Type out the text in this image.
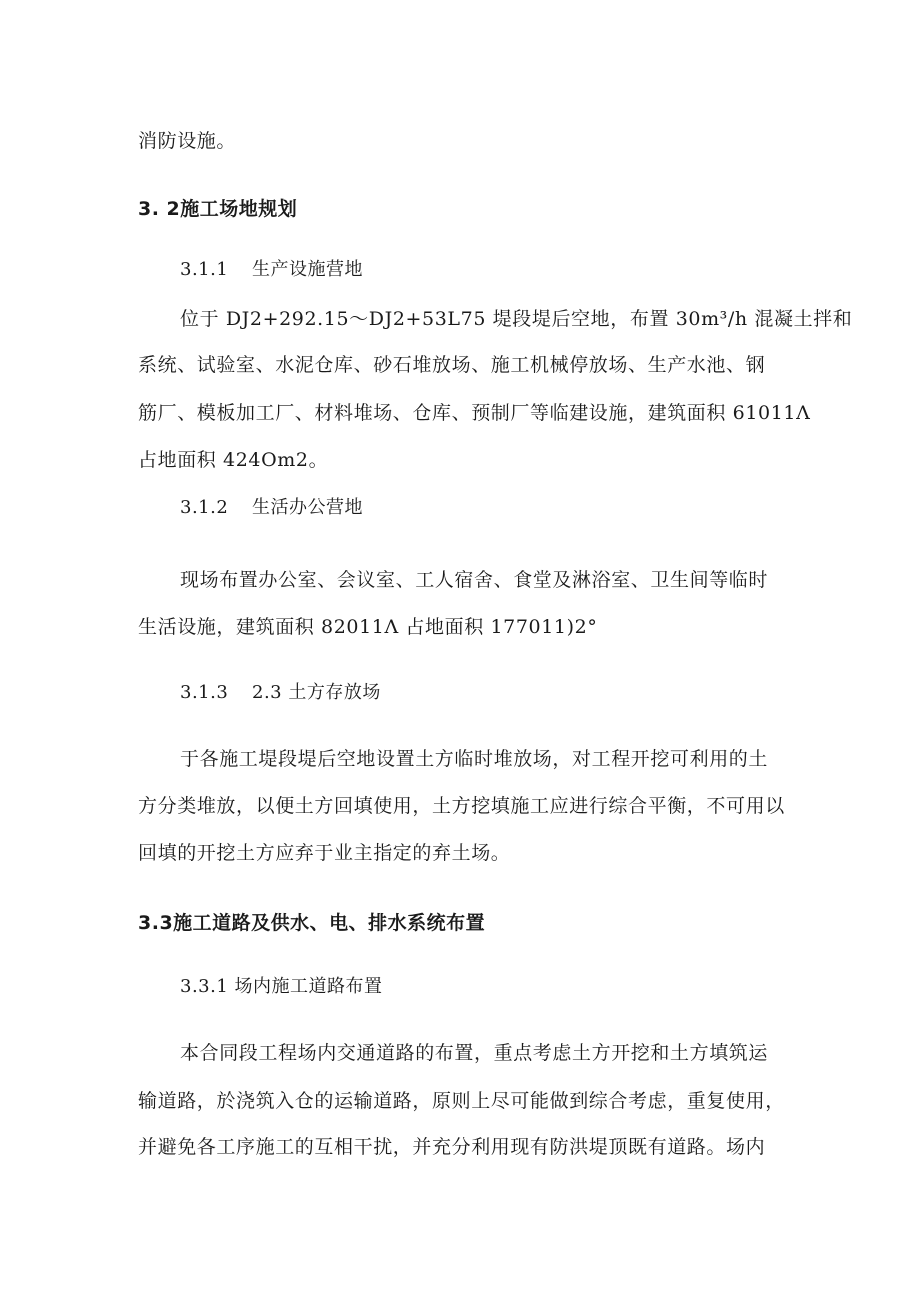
消防设施。
3. 2施工场地规划
3.1.1 生产设施营地
位于 DJ2+292.15～DJ2+53L75 堤段堤后空地，布置 30m³/h 混凝土拌和
系统、试验室、水泥仓库、砂石堆放场、施工机械停放场、生产水池、钢
筋厂、模板加工厂、材料堆场、仓库、预制厂等临建设施，建筑面积 61011Λ
占地面积 424Om2。
3.1.2 生活办公营地
现场布置办公室、会议室、工人宿舍、食堂及淋浴室、卫生间等临时
生活设施，建筑面积 82011Λ 占地面积 177011)2°
3.1.3 2.3 土方存放场
于各施工堤段堤后空地设置土方临时堆放场，对工程开挖可利用的土
方分类堆放，以便土方回填使用，土方挖填施工应进行综合平衡，不可用以
回填的开挖土方应弃于业主指定的弃土场。
3.3施工道路及供水、电、排水系统布置
3.3.1 场内施工道路布置
本合同段工程场内交通道路的布置，重点考虑土方开挖和土方填筑运
输道路，於浇筑入仓的运输道路，原则上尽可能做到综合考虑，重复使用，
并避免各工序施工的互相干扰，并充分利用现有防洪堤顶既有道路。场内
